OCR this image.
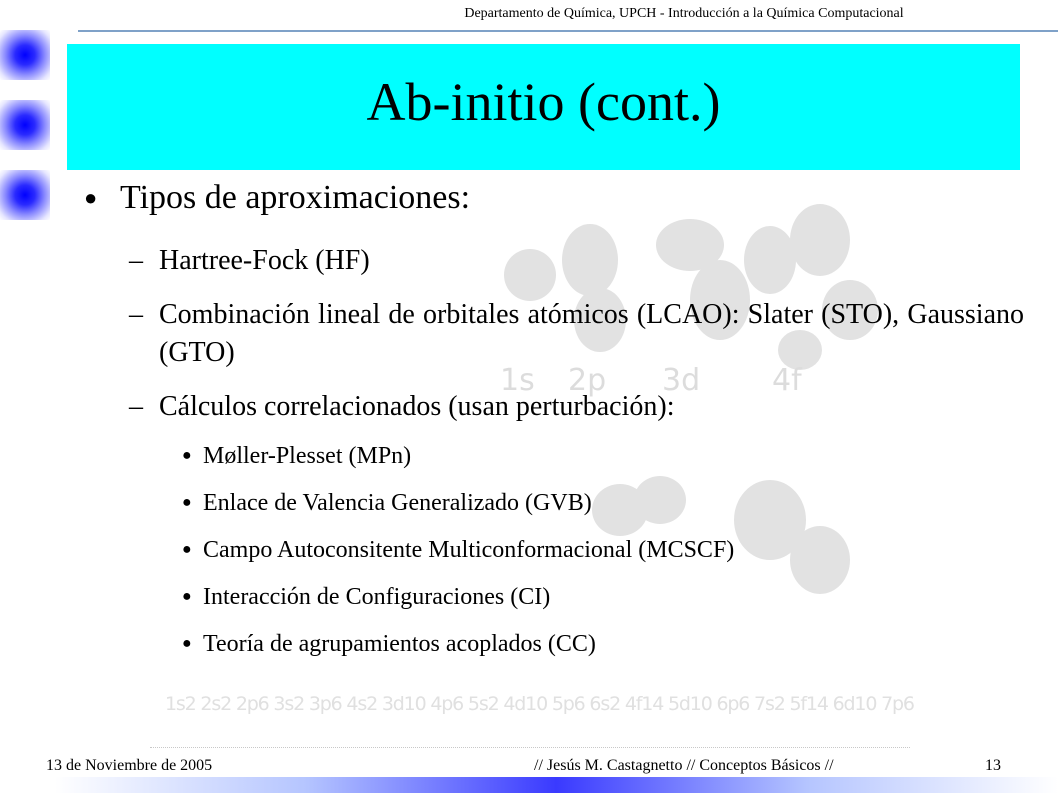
Departamento de Química, UPCH - Introducción a la Química Computacional
Ab-initio (cont.)
1s 2p 3d 4f
1s2 2s2 2p6 3s2 3p6 4s2 3d10 4p6 5s2 4d10 5p6 6s2 4f14 5d10 6p6 7s2 5f14 6d10 7p6
● Tipos de aproximaciones:
– Hartree-Fock (HF)
– Combinación lineal de orbitales atómicos (LCAO): Slater (STO), Gaussiano (GTO)
– Cálculos correlacionados (usan perturbación):
● Møller-Plesset (MPn)
● Enlace de Valencia Generalizado (GVB)
● Campo Autoconsitente Multiconformacional (MCSCF)
● Interacción de Configuraciones (CI)
● Teoría de agrupamientos acoplados (CC)
13 de Noviembre de 2005	// Jesús M. Castagnetto // Conceptos Básicos //	13
